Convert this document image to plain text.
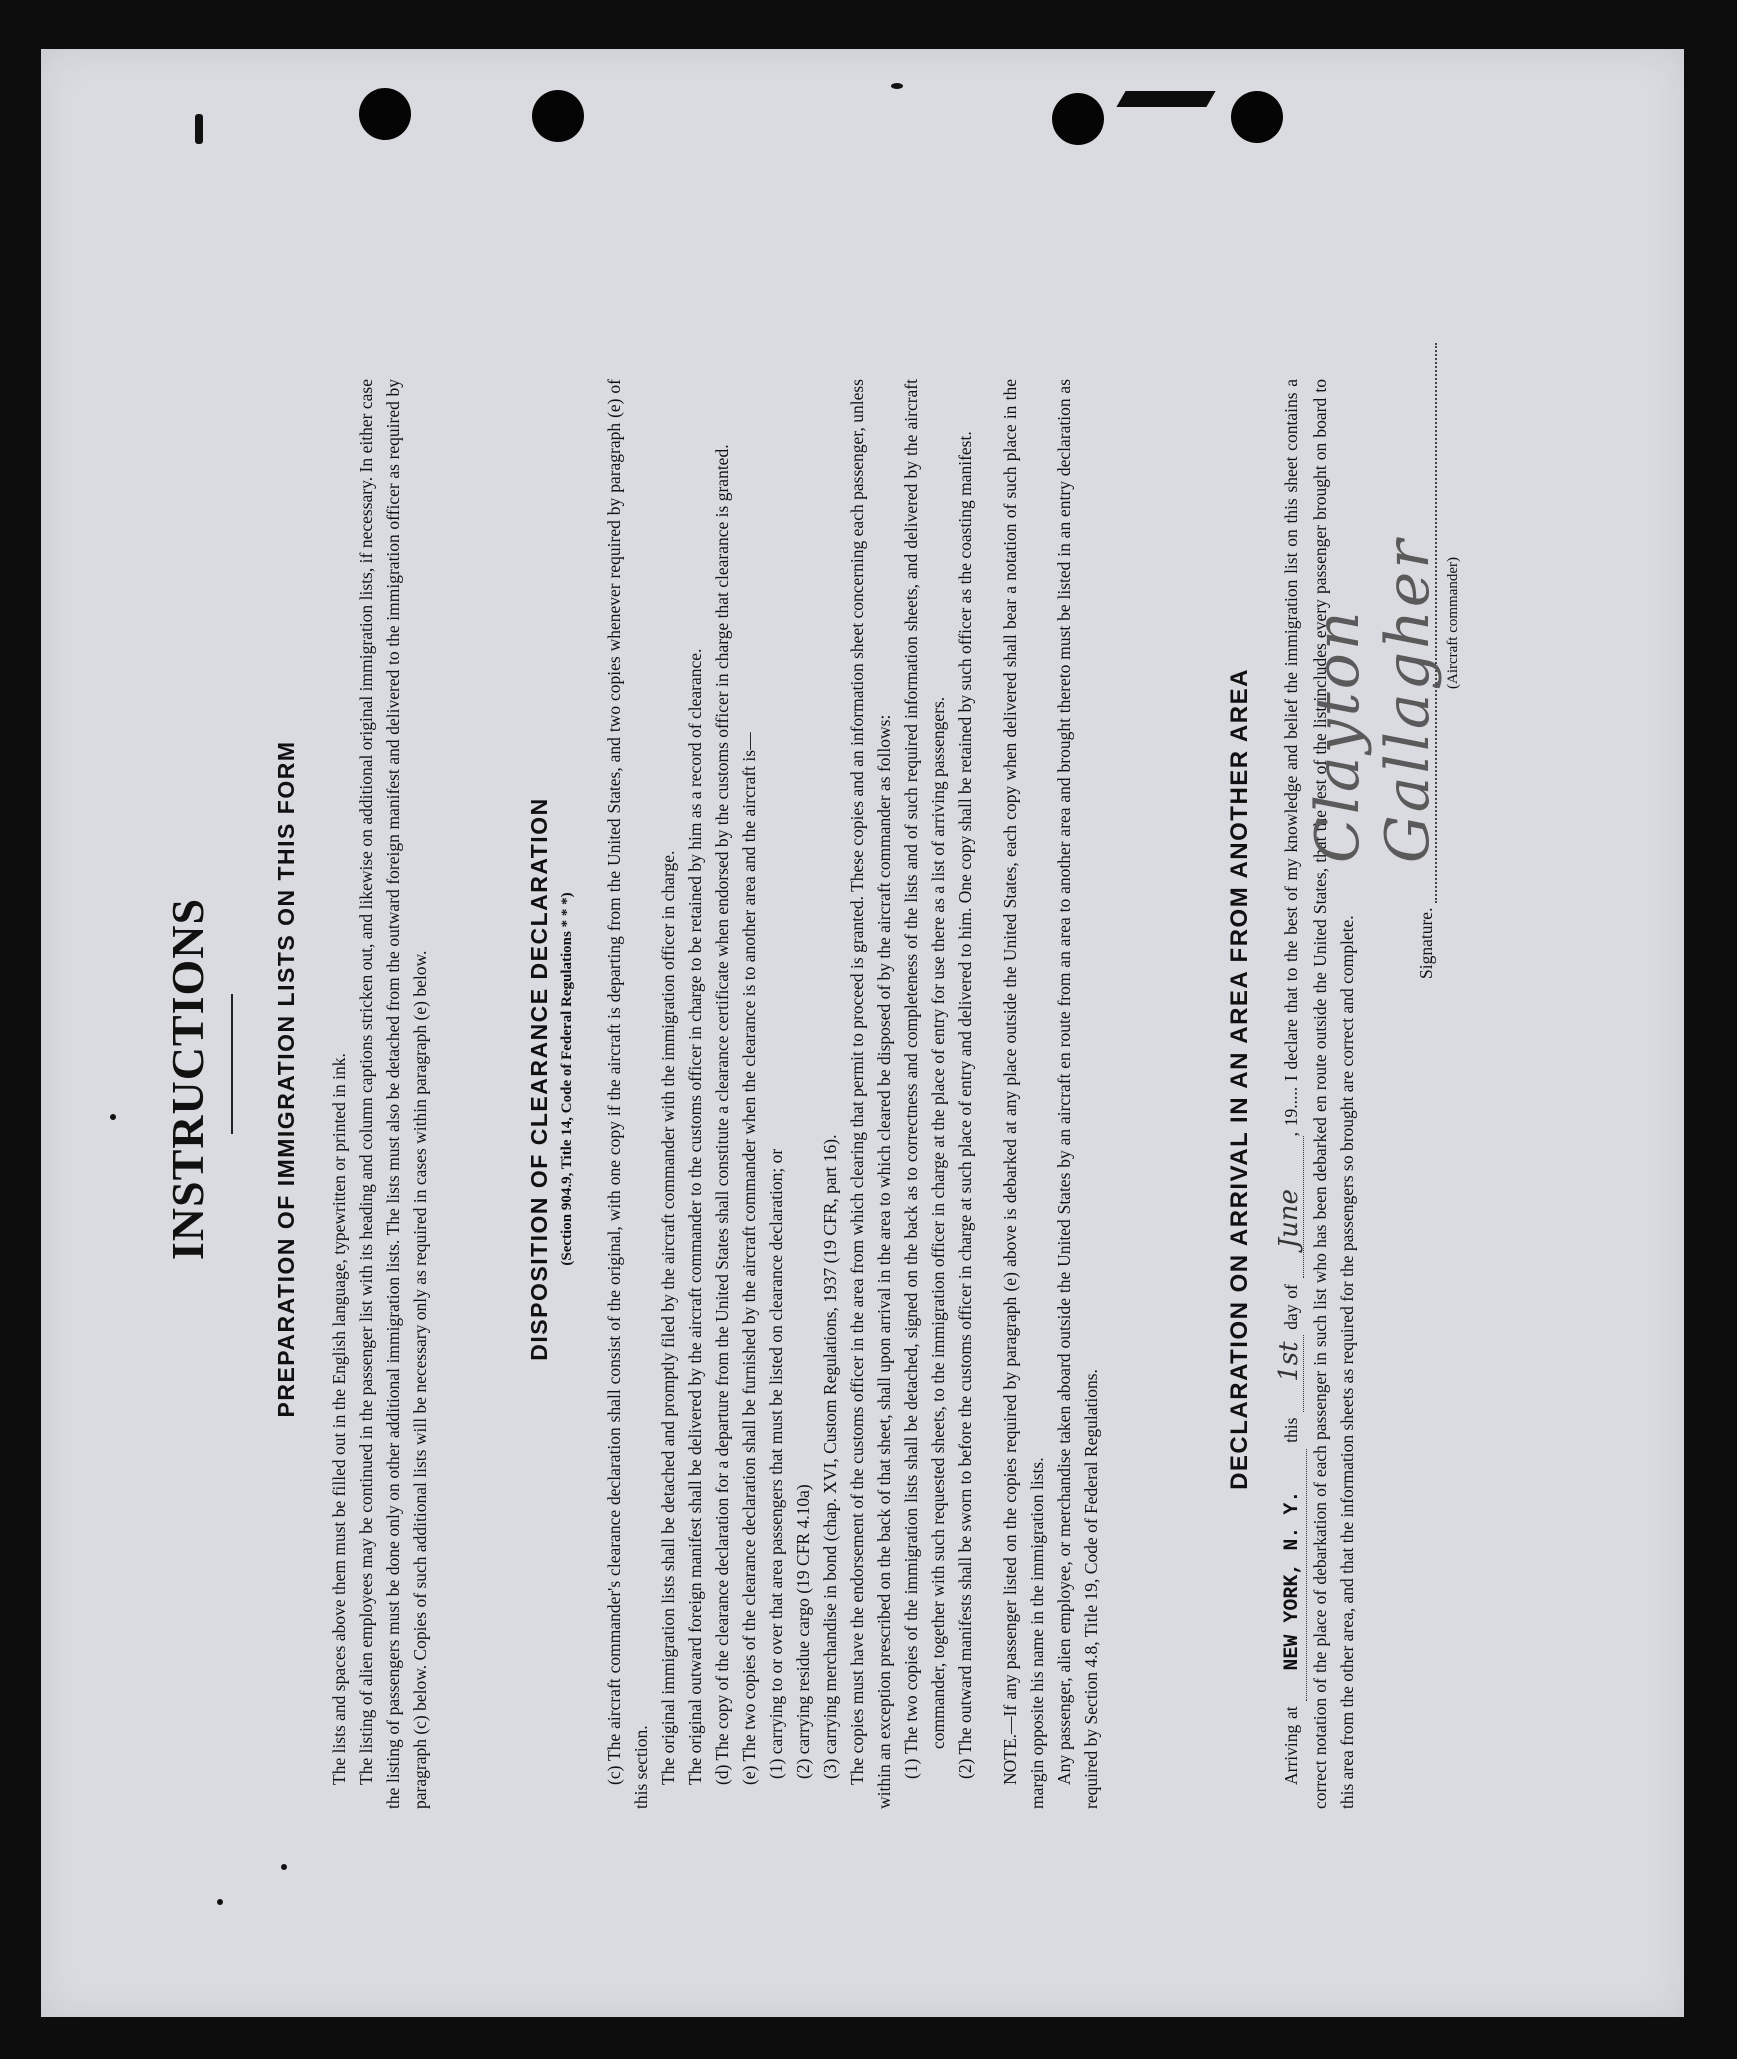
INSTRUCTIONS	PREPARATION OF IMMIGRATION LISTS ON THIS FORM The lists and spaces above them must be filled out in the English language, typewritten or printed in ink. The listing of alien employees may be continued in the passenger list with its heading and column captions stricken out, and likewise on additional original immigration lists, if necessary. In either case the listing of passengers must be done only on other additional immigration lists. The lists must also be detached from the outward foreign manifest and delivered to the immigration officer as required by paragraph (c) below. Copies of such additional lists will be necessary only as required in cases within paragraph (e) below.	DISPOSITION OF CLEARANCE DECLARATION (Section 904.9, Title 14, Code of Federal Regulations * * *) (c) The aircraft commander's clearance declaration shall consist of the original, with one copy if the aircraft is departing from the United States, and two copies whenever required by paragraph (e) of this section. The original immigration lists shall be detached and promptly filed by the aircraft commander with the immigration officer in charge. The original outward foreign manifest shall be delivered by the aircraft commander to the customs officer in charge to be retained by him as a record of clearance. (d) The copy of the clearance declaration for a departure from the United States shall constitute a clearance certificate when endorsed by the customs officer in charge that clearance is granted. (e) The two copies of the clearance declaration shall be furnished by the aircraft commander when the clearance is to another area and the aircraft is— (1) carrying to or over that area passengers that must be listed on clearance declaration; or (2) carrying residue cargo (19 CFR 4.10a) (3) carrying merchandise in bond (chap. XVI, Custom Regulations, 1937 (19 CFR, part 16). The copies must have the endorsement of the customs officer in the area from which clearing that permit to proceed is granted. These copies and an information sheet concerning each passenger, unless within an exception prescribed on the back of that sheet, shall upon arrival in the area to which cleared be disposed of by the aircraft commander as follows: (1) The two copies of the immigration lists shall be detached, signed on the back as to correctness and completeness of the lists and of such required information sheets, and delivered by the aircraft commander, together with such requested sheets, to the immigration officer in charge at the place of entry for use there as a list of arriving passengers. (2) The outward manifests shall be sworn to before the customs officer in charge at such place of entry and delivered to him. One copy shall be retained by such officer as the coasting manifest. NOTE.—If any passenger listed on the copies required by paragraph (e) above is debarked at any place outside the United States, each copy when delivered shall bear a notation of such place in the margin opposite his name in the immigration lists. Any passenger, alien employee, or merchandise taken aboard outside the United States by an aircraft en route from an area to another area and brought thereto must be listed in an entry declaration as required by Section 4.8, Title 19, Code of Federal Regulations.

DECLARATION ON ARRIVAL IN AN AREA FROM ANOTHER AREA

Arriving at NEW YORK, N. Y. this 1st day of June, 19..... I declare that to the best of my knowledge and belief the immigration list on this sheet contains a correct notation of the place of debarkation of each passenger in such list who has been debarked en route outside the United States, that the rest of the list includes every passenger brought on board to this area from the other area, and that the information sheets as required for the passengers so brought are correct and complete.	Signature.
Clayton Gallagher (Aircraft commander)
